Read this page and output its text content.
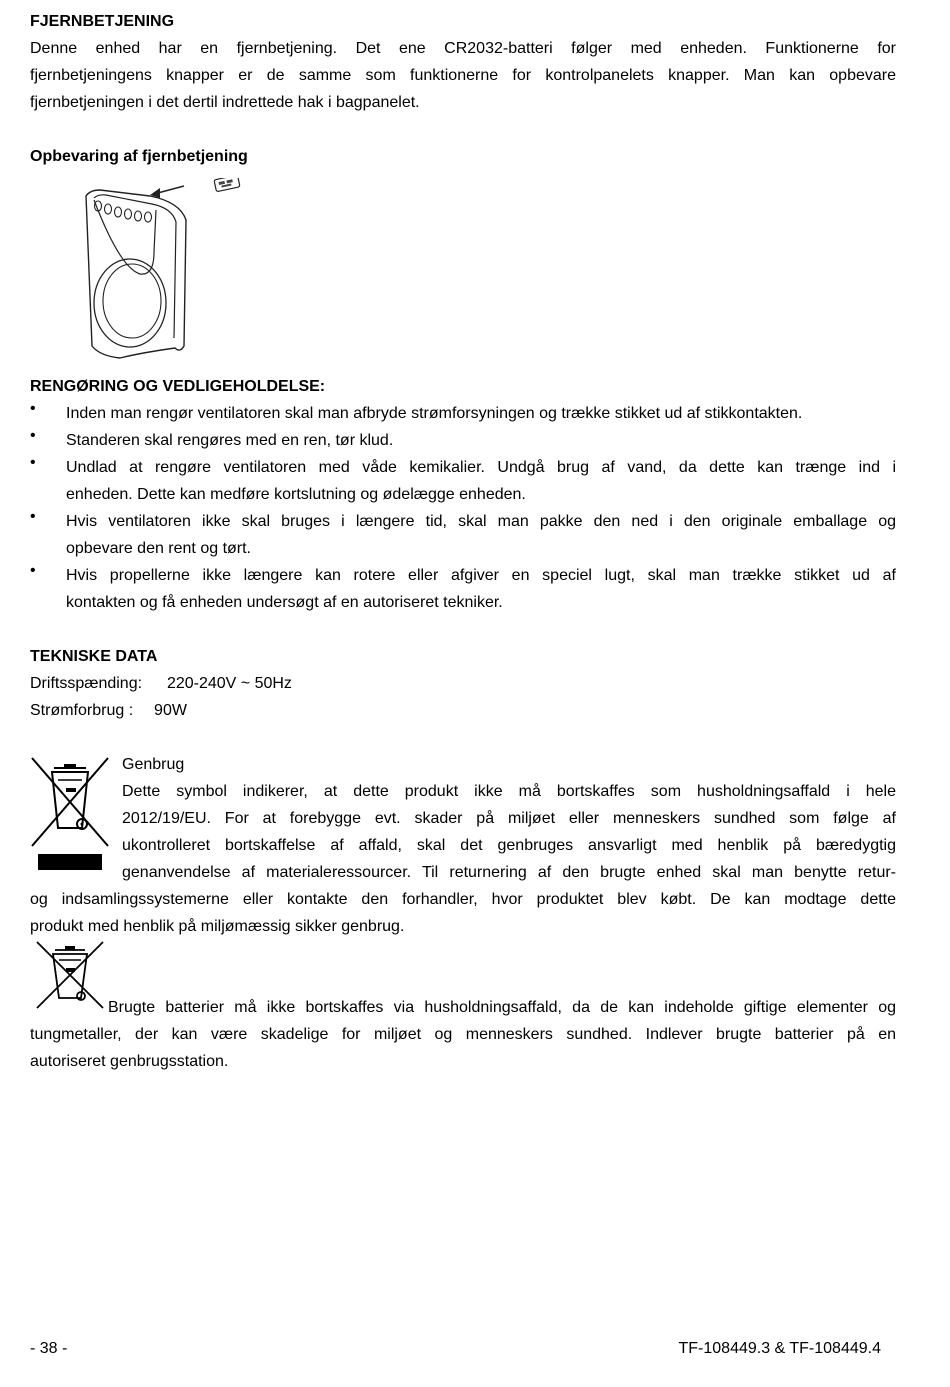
FJERNBETJENING

Denne enhed har en fjernbetjening. Det ene CR2032-batteri følger med enheden. Funktionerne for

fjernbetjeningens knapper er de samme som funktionerne for kontrolpanelets knapper. Man kan opbevare

fjernbetjeningen i det dertil indrettede hak i bagpanelet.

Opbevaring af fjernbetjening

RENGØRING OG VEDLIGEHOLDELSE:

• Inden man rengør ventilatoren skal man afbryde strømforsyningen og trække stikket ud af stikkontakten.

• Standeren skal rengøres med en ren, tør klud.

• Undlad at rengøre ventilatoren med våde kemikalier. Undgå brug af vand, da dette kan trænge ind i

enheden. Dette kan medføre kortslutning og ødelægge enheden.

• Hvis ventilatoren ikke skal bruges i længere tid, skal man pakke den ned i den originale emballage og

opbevare den rent og tørt.

• Hvis propellerne ikke længere kan rotere eller afgiver en speciel lugt, skal man trække stikket ud af

kontakten og få enheden undersøgt af en autoriseret tekniker.

TEKNISKE DATA

Driftsspænding: 220-240V ~ 50Hz

Strømforbrug : 90W

Genbrug

Dette symbol indikerer, at dette produkt ikke må bortskaffes som husholdningsaffald i hele

2012/19/EU. For at forebygge evt. skader på miljøet eller menneskers sundhed som følge af

ukontrolleret bortskaffelse af affald, skal det genbruges ansvarligt med henblik på bæredygtig

genanvendelse af materialeressourcer. Til returnering af den brugte enhed skal man benytte retur-

og indsamlingssystemerne eller kontakte den forhandler, hvor produktet blev købt. De kan modtage dette

produkt med henblik på miljømæssig sikker genbrug.

Brugte batterier må ikke bortskaffes via husholdningsaffald, da de kan indeholde giftige elementer og

tungmetaller, der kan være skadelige for miljøet og menneskers sundhed. Indlever brugte batterier på en

autoriseret genbrugsstation.

- 38 -	TF-108449.3 & TF-108449.4
